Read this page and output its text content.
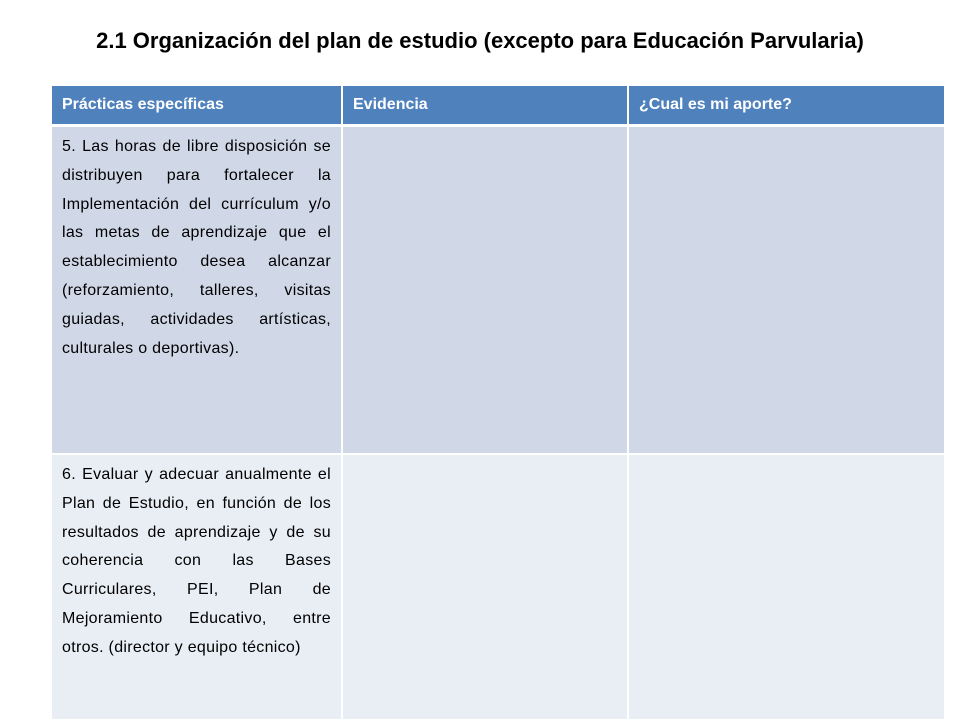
2.1 Organización del plan de estudio (excepto para Educación Parvularia)
Prácticas específicas	Evidencia	¿Cual es mi aporte?

5. Las horas de libre disposición se distribuyen para fortalecer la Implementación del currículum y/o las metas de aprendizaje que el establecimiento desea alcanzar (reforzamiento, talleres, visitas guiadas, actividades artísticas, culturales o deportivas).		

6. Evaluar y adecuar anualmente el Plan de Estudio, en función de los resultados de aprendizaje y de su coherencia con las Bases Curriculares, PEI, Plan de Mejoramiento Educativo, entre otros. (director y equipo técnico)		
